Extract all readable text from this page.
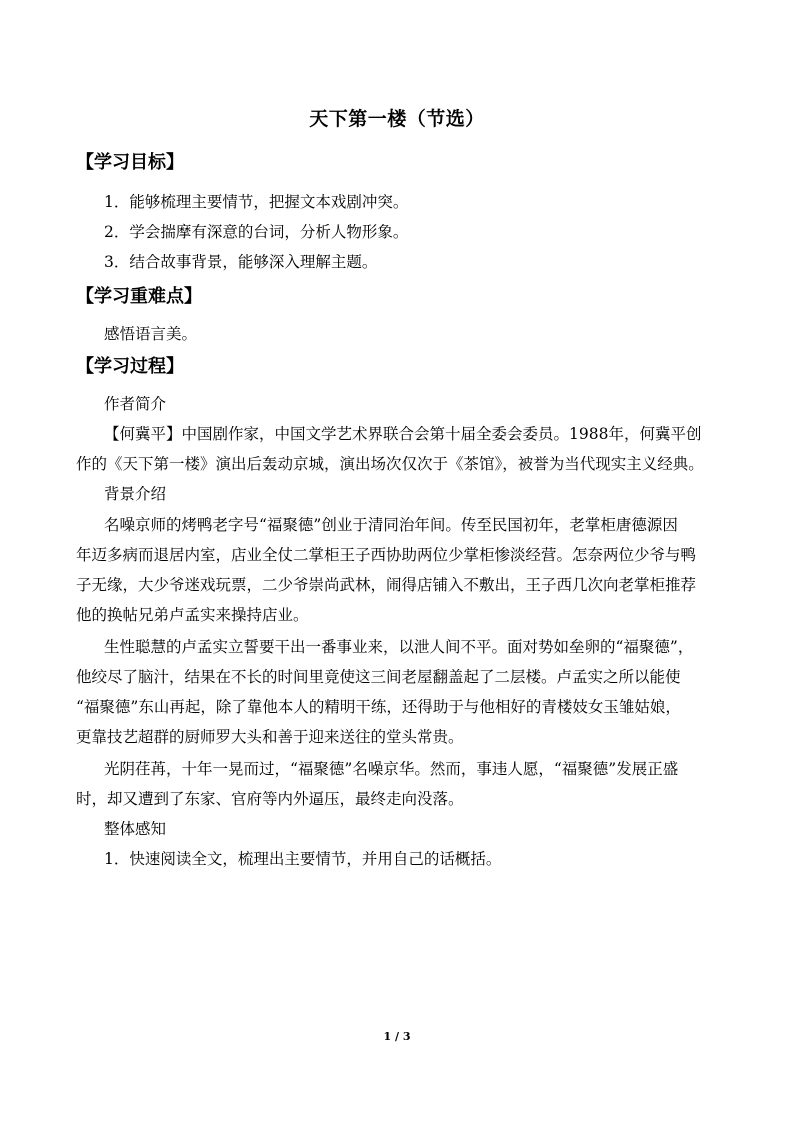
天下第一楼（节选）
【学习目标】
1．能够梳理主要情节，把握文本戏剧冲突。
2．学会揣摩有深意的台词，分析人物形象。
3．结合故事背景，能够深入理解主题。
【学习重难点】
感悟语言美。
【学习过程】
作者简介
【何冀平】中国剧作家，中国文学艺术界联合会第十届全委会委员。1988年，何冀平创
作的《天下第一楼》演出后轰动京城，演出场次仅次于《茶馆》，被誉为当代现实主义经典。
背景介绍
名噪京师的烤鸭老字号“福聚德”创业于清同治年间。传至民国初年，老掌柜唐德源因
年迈多病而退居内室，店业全仗二掌柜王子西协助两位少掌柜惨淡经营。怎奈两位少爷与鸭
子无缘，大少爷迷戏玩票，二少爷崇尚武林，闹得店铺入不敷出，王子西几次向老掌柜推荐
他的换帖兄弟卢孟实来操持店业。
生性聪慧的卢孟实立誓要干出一番事业来，以泄人间不平。面对势如垒卵的“福聚德”，
他绞尽了脑汁，结果在不长的时间里竟使这三间老屋翻盖起了二层楼。卢孟实之所以能使
“福聚德”东山再起，除了靠他本人的精明干练，还得助于与他相好的青楼妓女玉雏姑娘，
更靠技艺超群的厨师罗大头和善于迎来送往的堂头常贵。
光阴荏苒，十年一晃而过，“福聚德”名噪京华。然而，事违人愿，“福聚德”发展正盛
时，却又遭到了东家、官府等内外逼压，最终走向没落。
整体感知
1．快速阅读全文，梳理出主要情节，并用自己的话概括。
1 / 3
